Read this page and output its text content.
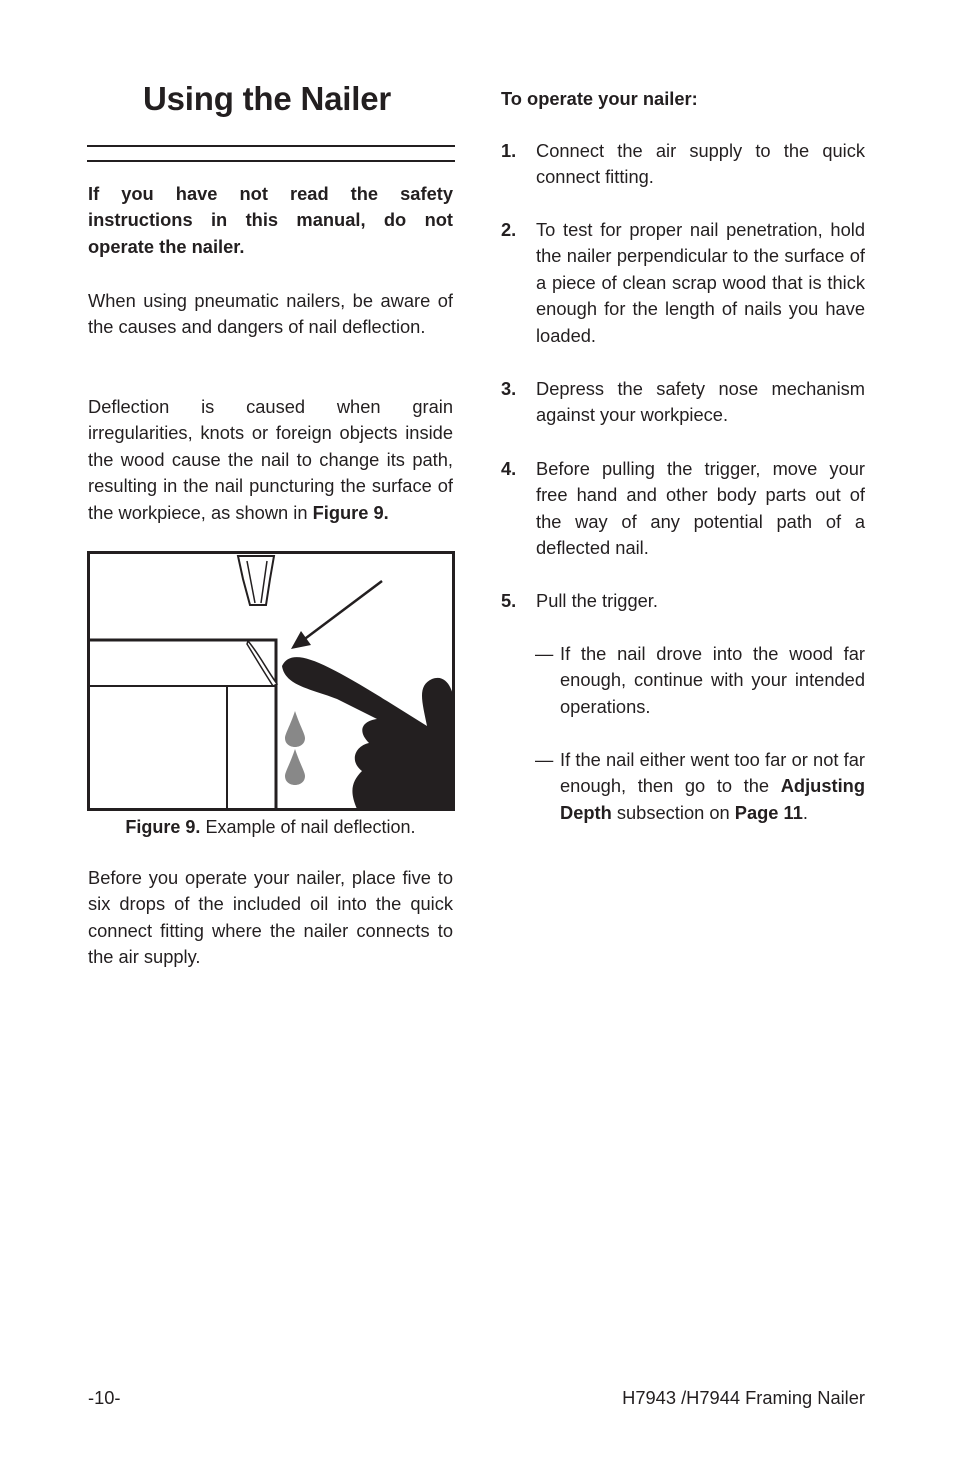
Using the Nailer

If you have not read the safety instructions in this manual, do not operate the nailer.

When using pneumatic nailers, be aware of the causes and dangers of nail deflection.

Deflection is caused when grain irregularities, knots or foreign objects inside the wood cause the nail to change its path, resulting in the nail puncturing the surface of the workpiece, as shown in Figure 9.

Figure 9. Example of nail deflection.

Before you operate your nailer, place five to six drops of the included oil into the quick connect fitting where the nailer connects to the air supply.

To operate your nailer:

1. Connect the air supply to the quick connect fitting.
2. To test for proper nail penetration, hold the nailer perpendicular to the surface of a piece of clean scrap wood that is thick enough for the length of nails you have loaded.
3. Depress the safety nose mechanism against your workpiece.
4. Before pulling the trigger, move your free hand and other body parts out of the way of any potential path of a deflected nail.
5. Pull the trigger.
— If the nail drove into the wood far enough, continue with your intended operations.
— If the nail either went too far or not far enough, then go to the Adjusting Depth subsection on Page 11.
-10-	H7943 /H7944 Framing Nailer
